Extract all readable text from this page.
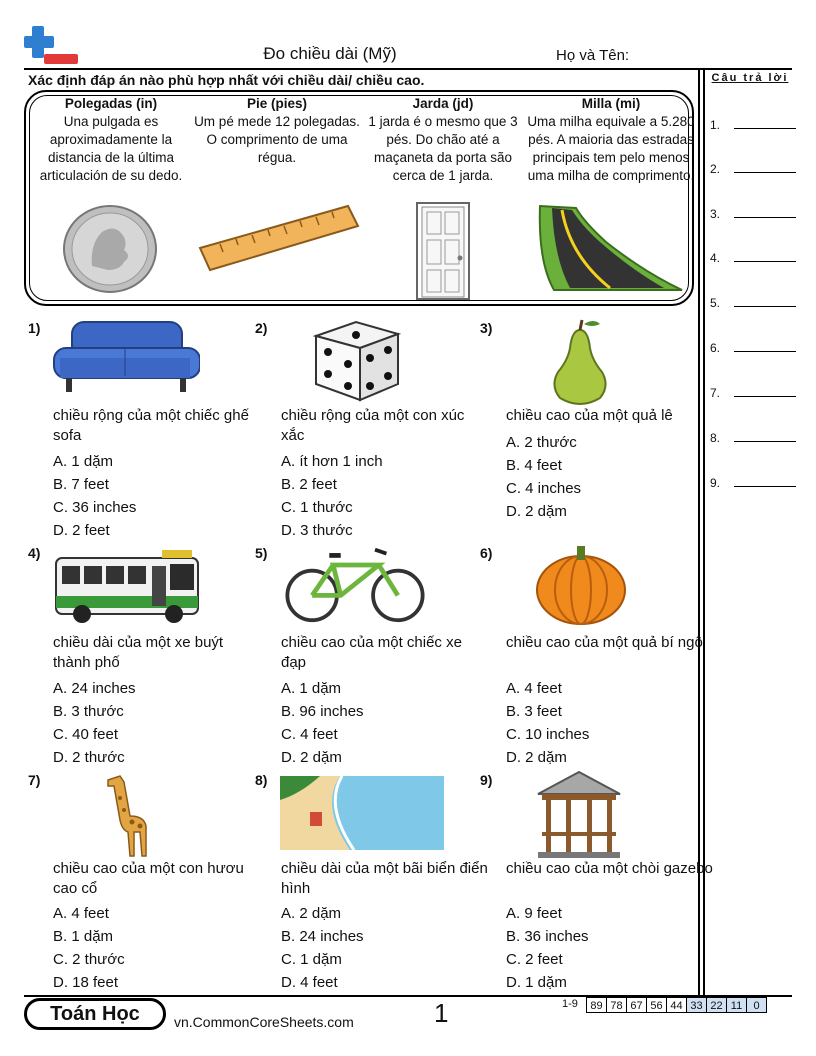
Đo chiều dài (Mỹ)	Họ và Tên:
Xác định đáp án nào phù hợp nhất với chiều dài/ chiều cao.	Câu trả lời
Polegadas (in)
Una pulgada es aproximadamente la distancia de la última articulación de su dedo.
Pie (pies)
Um pé mede 12 polegadas. O comprimento de uma régua.
Jarda (jd)
1 jarda é o mesmo que 3 pés. Do chão até a maçaneta da porta são cerca de 1 jarda.
Milla (mi)
Uma milha equivale a 5.280 pés. A maioria das estradas principais tem pelo menos uma milha de comprimento.
1)
chiều rộng của một chiếc ghế sofa
A. 1 dặm
B. 7 feet
C. 36 inches
D. 2 feet
2)
chiều rộng của một con xúc xắc
A. ít hơn 1 inch
B. 2 feet
C. 1 thước
D. 3 thước
3)
chiều cao của một quả lê
A. 2 thước
B. 4 feet
C. 4 inches
D. 2 dặm
4)
chiều dài của một xe buýt thành phố
A. 24 inches
B. 3 thước
C. 40 feet
D. 2 thước
5)
chiều cao của một chiếc xe đạp
A. 1 dặm
B. 96 inches
C. 4 feet
D. 2 dặm
6)
chiều cao của một quả bí ngô
A. 4 feet
B. 3 feet
C. 10 inches
D. 2 dặm
7)
chiều cao của một con hươu cao cổ
A. 4 feet
B. 1 dặm
C. 2 thước
D. 18 feet
8)
chiều dài của một bãi biển điển hình
A. 2 dặm
B. 24 inches
C. 1 dặm
D. 4 feet
9)
chiều cao của một chòi gazebo
A. 9 feet
B. 36 inches
C. 2 feet
D. 1 dặm
1.
2.
3.
4.
5.
6.
7.
8.
9.
Toán Học	vn.CommonCoreSheets.com	1	1-9	89 78 67 56 44 33 22 11	0
